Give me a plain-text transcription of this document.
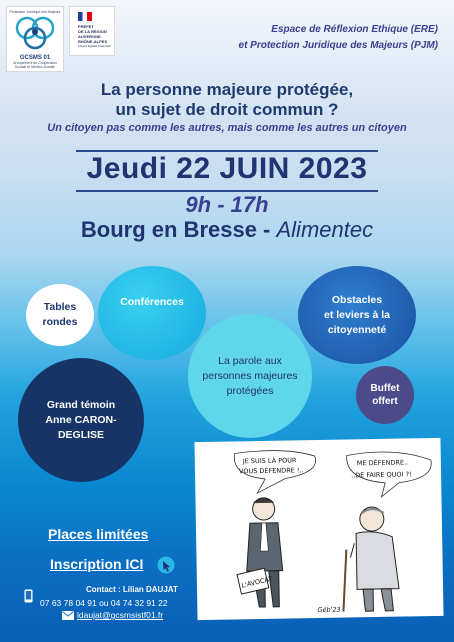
Protection Juridique des Majeurs
GCSMS 01
Groupement de Coopération Sociale et Médico-Sociale
PRÉFET
DE LA RÉGION
AUVERGNE-
RHÔNE-ALPES
Liberté Égalité Fraternité
Espace de Réflexion Ethique (ERE)
et Protection Juridique des Majeurs (PJM)
La personne majeure protégée,
un sujet de droit commun ?
Un citoyen pas comme les autres, mais comme les autres un citoyen
Jeudi 22 JUIN 2023
9h - 17h
Bourg en Bresse - Alimentec
Tables
rondes
Conférences	Obstacles
et leviers à la
citoyenneté
La parole aux
personnes majeures
protégées
Grand témoin
Anne CARON-DEGLISE
Buffet
offert
JE SUIS LÀ POUR
VOUS DÉFENDRE !..
ME DÉFENDRE..
..DE FAIRE QUOI ?!
L'AVOCAT
Géb'23
Places limitées
Inscription ICI
Contact : Lilian DAUJAT
07 63 78 04 91 ou 04 74 32 91 22
ldaujat@gcsmsistf01.fr
